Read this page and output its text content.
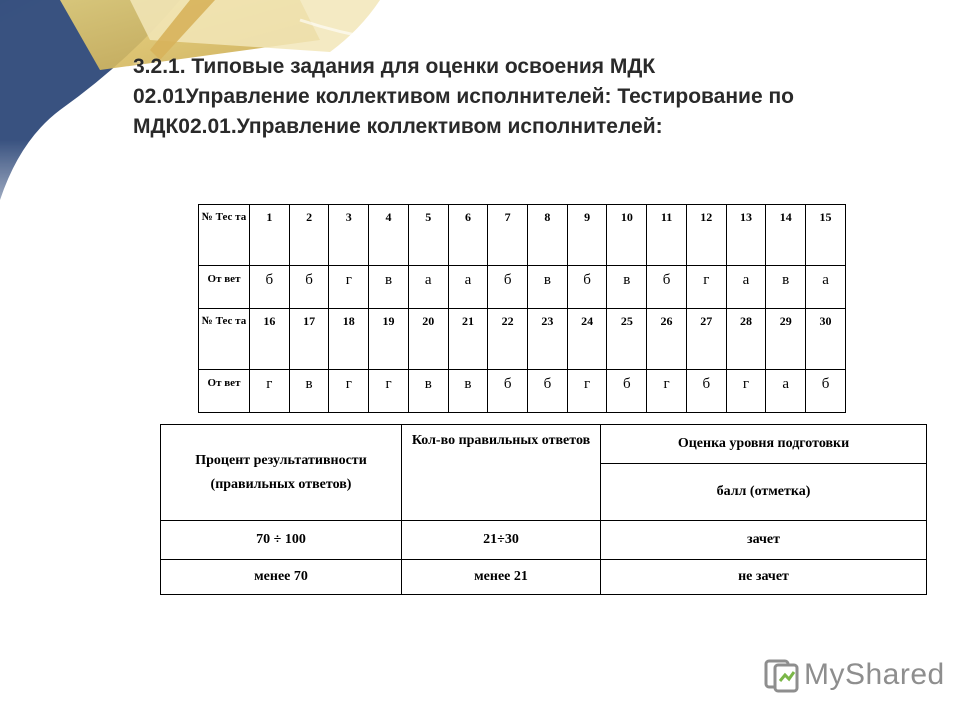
3.2.1. Типовые задания для оценки освоения МДК 02.01Управление коллективом исполнителей: Тестирование по МДК02.01.Управление коллективом исполнителей:
№ Тес та	1	2	3	4	5	6	7	8	9	10	11	12	13	14	15
От вет	б	б	г	в	а	а	б	в	б	в	б	г	а	в	а
№ Тес та	16	17	18	19	20	21	22	23	24	25	26	27	28	29	30
От вет	г	в	г	г	в	в	б	б	г	б	г	б	г	а	б
Процент результативности (правильных ответов)	Кол-во правильных ответов	Оценка уровня подготовки
		балл (отметка)
70 ÷ 100	21÷30	зачет
менее 70	менее 21	не зачет
MyShared
